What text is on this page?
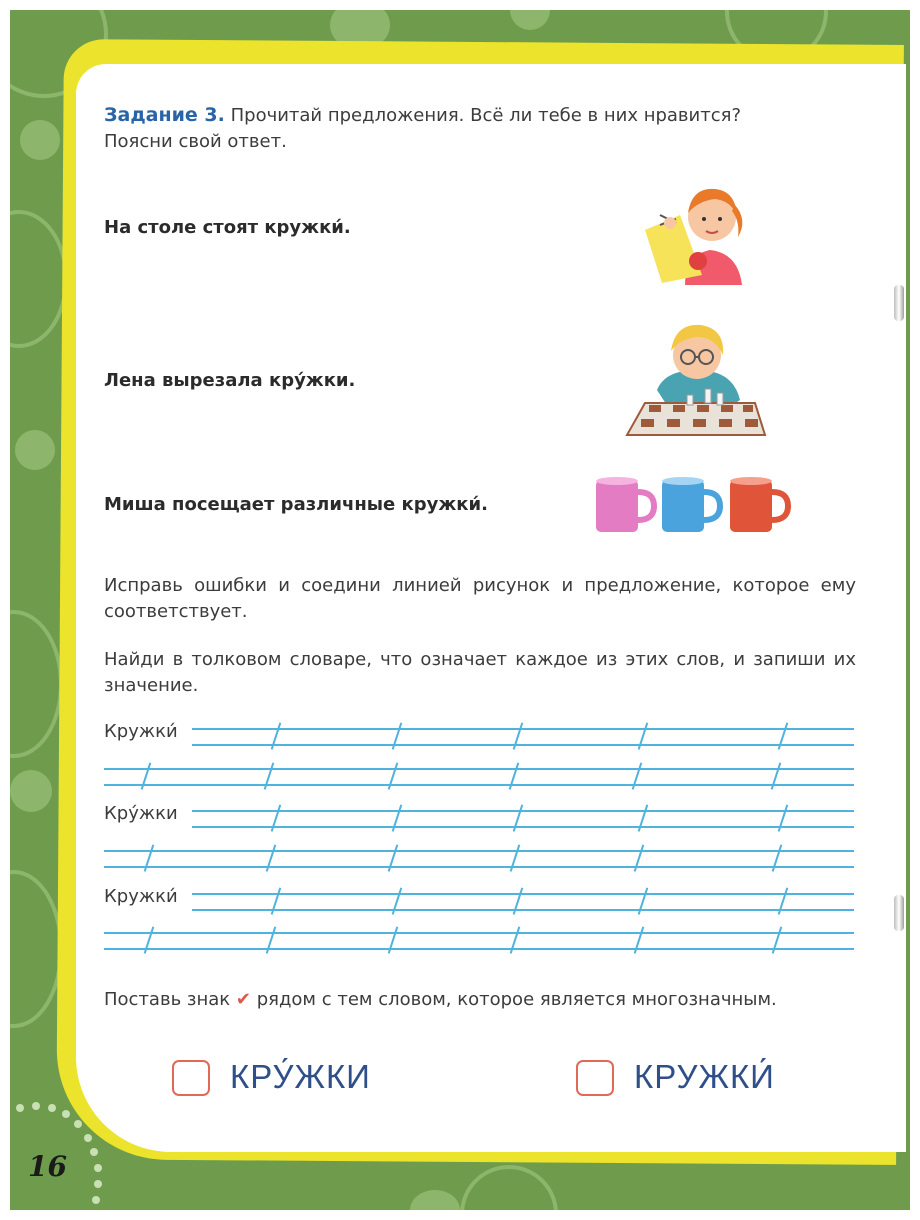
Задание 3. Прочитай предложения. Всё ли тебе в них нравится?
Поясни свой ответ.
На столе стоят кружки́.
Лена вырезала кру́жки.
Миша посещает различные кружки́.
Исправь ошибки и соедини линией рисунок и предложение, которое ему соответствует.
Найди в толковом словаре, что означает каждое из этих слов, и запиши их значение.
Кружки́
Кру́жки
Кружки́
Поставь знак ✔ рядом с тем словом, которое является многозначным.
КРУ́ЖКИ	КРУЖКИ́
16
